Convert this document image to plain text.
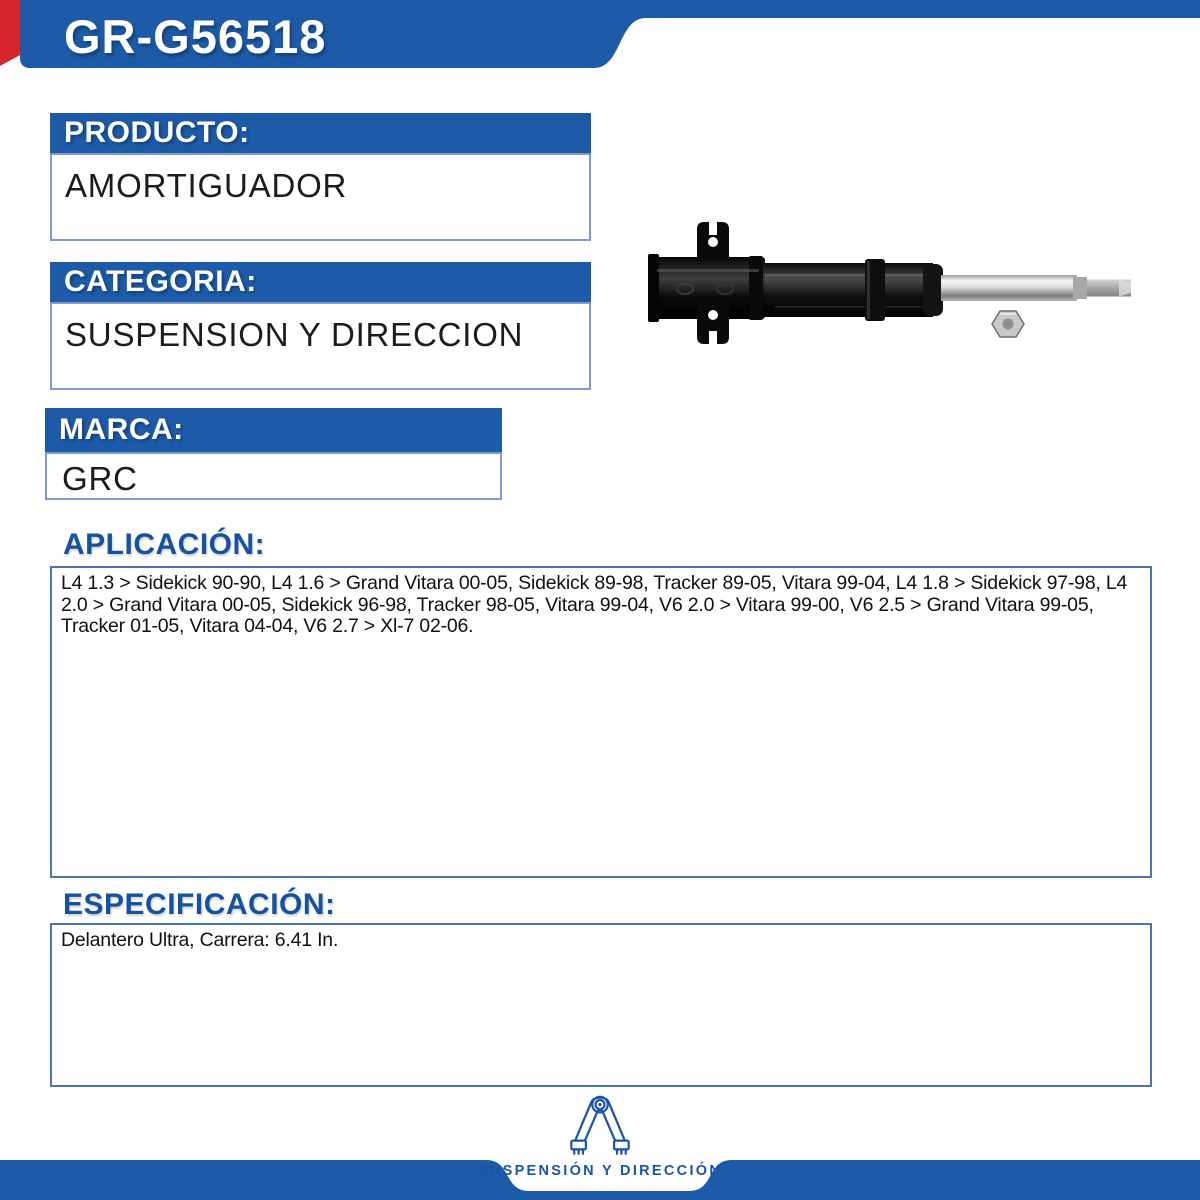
GR-G56518
PRODUCTO:
AMORTIGUADOR
CATEGORIA:
SUSPENSION Y DIRECCION
MARCA:
GRC
APLICACIÓN:
L4 1.3 > Sidekick 90-90, L4 1.6 > Grand Vitara 00-05, Sidekick 89-98, Tracker 89-05, Vitara 99-04, L4 1.8 > Sidekick 97-98, L4 2.0 > Grand Vitara 00-05, Sidekick 96-98, Tracker 98-05, Vitara 99-04, V6 2.0 > Vitara 99-00, V6 2.5 > Grand Vitara 99-05, Tracker 01-05, Vitara 04-04, V6 2.7 > Xl-7 02-06.
ESPECIFICACIÓN:
Delantero Ultra, Carrera: 6.41 In.
SUSPENSIÓN Y DIRECCIÓN
